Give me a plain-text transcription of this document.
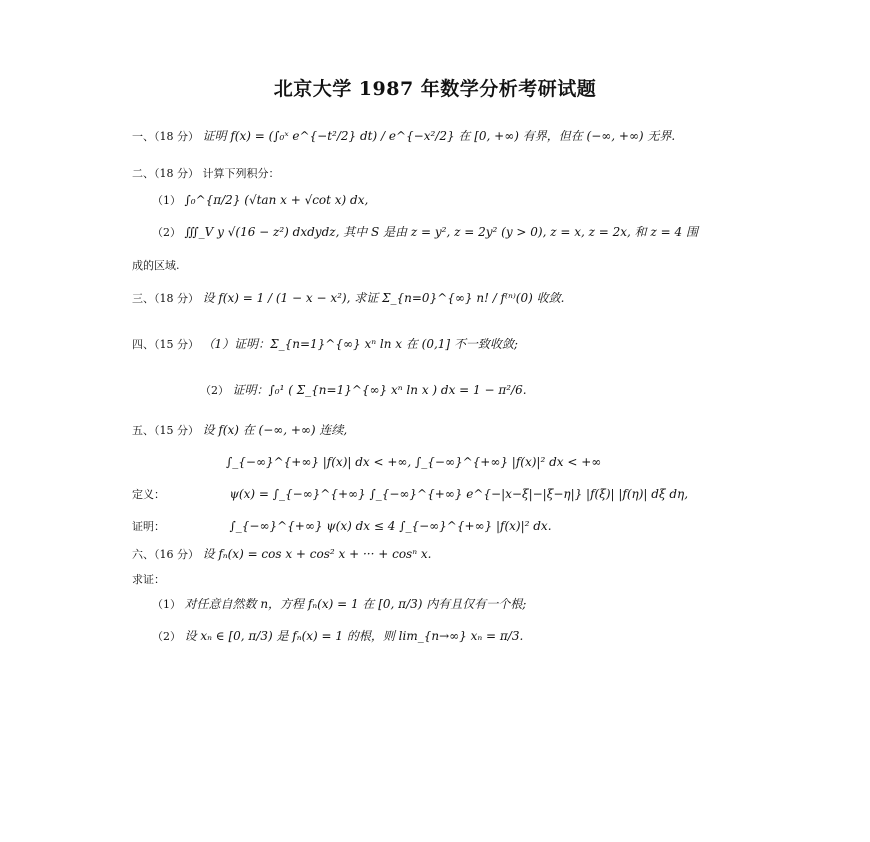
北京大学 1987 年数学分析考研试题
一、（18 分） 证明 f(x) = (∫₀ˣ e^{−t²/2} dt) / e^{−x²/2} 在 [0, +∞) 有界，但在 (−∞, +∞) 无界.
二、（18 分） 计算下列积分：
（1） ∫₀^{π/2} (√tan x + √cot x) dx,
（2） ∭_V y √(16 − z²) dxdydz, 其中 S 是由 z = y², z = 2y² (y > 0), z = x, z = 2x, 和 z = 4 围
成的区域.
三、（18 分） 设 f(x) = 1 / (1 − x − x²), 求证 Σ_{n=0}^{∞} n! / f⁽ⁿ⁾(0) 收敛.
四、（15 分） （1）证明：Σ_{n=1}^{∞} xⁿ ln x 在 (0,1] 不一致收敛;
（2） 证明：∫₀¹ ( Σ_{n=1}^{∞} xⁿ ln x ) dx = 1 − π²/6.
五、（15 分） 设 f(x) 在 (−∞, +∞) 连续,
∫_{−∞}^{+∞} |f(x)| dx < +∞, ∫_{−∞}^{+∞} |f(x)|² dx < +∞
定义：	ψ(x) = ∫_{−∞}^{+∞} ∫_{−∞}^{+∞} e^{−|x−ξ|−|ξ−η|} |f(ξ)| |f(η)| dξ dη,
证明：	∫_{−∞}^{+∞} ψ(x) dx ≤ 4 ∫_{−∞}^{+∞} |f(x)|² dx.
六、（16 分） 设 fₙ(x) = cos x + cos² x + ··· + cosⁿ x.
求证：
（1） 对任意自然数 n，方程 fₙ(x) = 1 在 [0, π/3) 内有且仅有一个根;
（2） 设 xₙ ∈ [0, π/3) 是 fₙ(x) = 1 的根，则 lim_{n→∞} xₙ = π/3.
